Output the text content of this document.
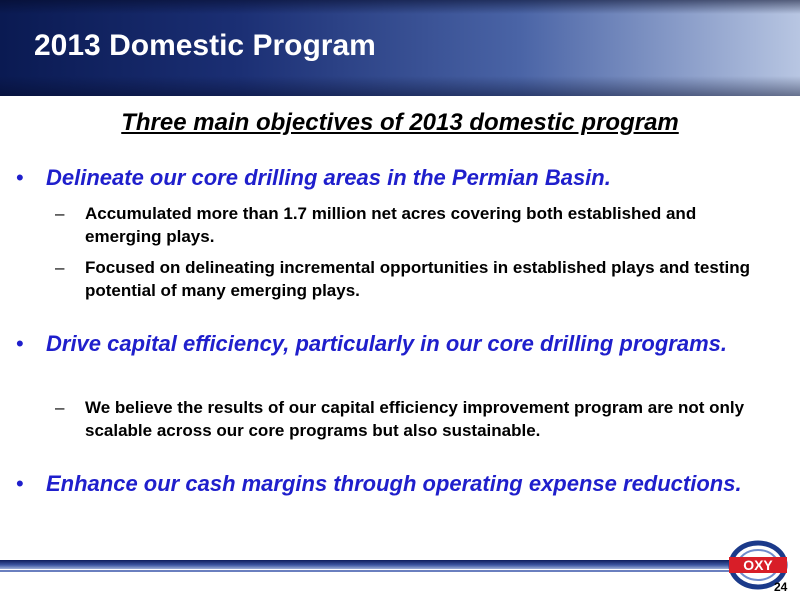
2013 Domestic Program
Three main objectives of 2013 domestic program
• Delineate our core drilling areas in the Permian Basin.
– Accumulated more than 1.7 million net acres covering both established and emerging plays.
– Focused on delineating incremental opportunities in established plays and testing potential of many emerging plays.
• Drive capital efficiency, particularly in our core drilling programs.
– We believe the results of our capital efficiency improvement program are not only scalable across our core programs but also sustainable.
• Enhance our cash margins through operating expense reductions.
OXY
24
